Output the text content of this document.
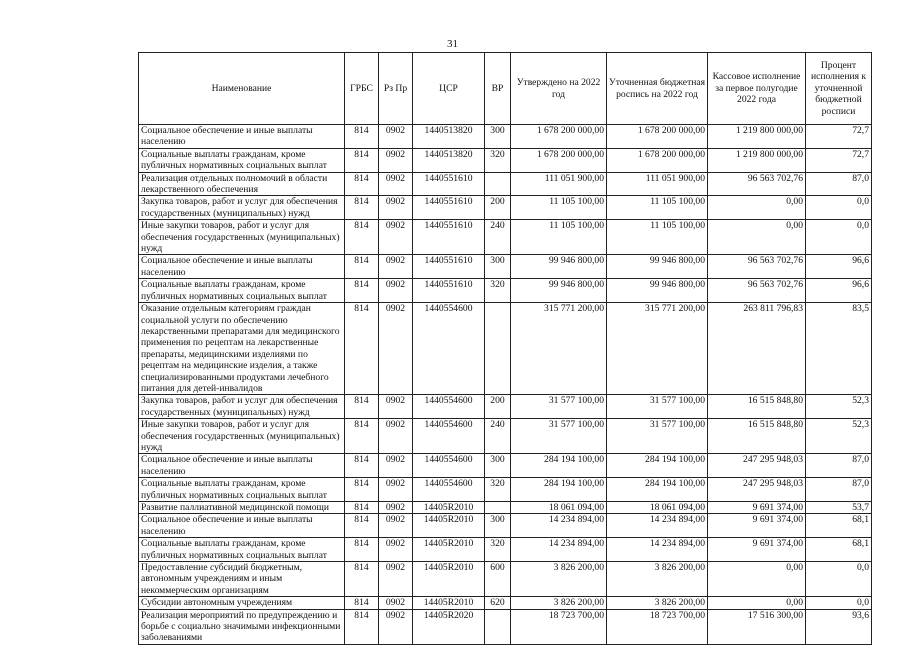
31
Наименование	ГРБС	Рз Пр	ЦСР	ВР	Утверждено на 2022 год	Уточненная бюджетная роспись на 2022 год	Кассовое исполнение за первое полугодие 2022 года	Процент исполнения к уточненной бюджетной росписи
Социальное обеспечение и иные выплаты населению	814	0902	1440513820	300	1 678 200 000,00	1 678 200 000,00	1 219 800 000,00	72,7
Социальные выплаты гражданам, кроме публичных нормативных социальных выплат	814	0902	1440513820	320	1 678 200 000,00	1 678 200 000,00	1 219 800 000,00	72,7
Реализация отдельных полномочий в области лекарственного обеспечения	814	0902	1440551610		111 051 900,00	111 051 900,00	96 563 702,76	87,0
Закупка товаров, работ и услуг для обеспечения государственных (муниципальных) нужд	814	0902	1440551610	200	11 105 100,00	11 105 100,00	0,00	0,0
Иные закупки товаров, работ и услуг для обеспечения государственных (муниципальных) нужд	814	0902	1440551610	240	11 105 100,00	11 105 100,00	0,00	0,0
Социальное обеспечение и иные выплаты населению	814	0902	1440551610	300	99 946 800,00	99 946 800,00	96 563 702,76	96,6
Социальные выплаты гражданам, кроме публичных нормативных социальных выплат	814	0902	1440551610	320	99 946 800,00	99 946 800,00	96 563 702,76	96,6
Оказание отдельным категориям граждан социальной услуги по обеспечению лекарственными препаратами для медицинского применения по рецептам на лекарственные препараты, медицинскими изделиями по рецептам на медицинские изделия, а также специализированными продуктами лечебного питания для детей-инвалидов	814	0902	1440554600		315 771 200,00	315 771 200,00	263 811 796,83	83,5
Закупка товаров, работ и услуг для обеспечения государственных (муниципальных) нужд	814	0902	1440554600	200	31 577 100,00	31 577 100,00	16 515 848,80	52,3
Иные закупки товаров, работ и услуг для обеспечения государственных (муниципальных) нужд	814	0902	1440554600	240	31 577 100,00	31 577 100,00	16 515 848,80	52,3
Социальное обеспечение и иные выплаты населению	814	0902	1440554600	300	284 194 100,00	284 194 100,00	247 295 948,03	87,0
Социальные выплаты гражданам, кроме публичных нормативных социальных выплат	814	0902	1440554600	320	284 194 100,00	284 194 100,00	247 295 948,03	87,0
Развитие паллиативной медицинской помощи	814	0902	14405R2010		18 061 094,00	18 061 094,00	9 691 374,00	53,7
Социальное обеспечение и иные выплаты населению	814	0902	14405R2010	300	14 234 894,00	14 234 894,00	9 691 374,00	68,1
Социальные выплаты гражданам, кроме публичных нормативных социальных выплат	814	0902	14405R2010	320	14 234 894,00	14 234 894,00	9 691 374,00	68,1
Предоставление субсидий бюджетным, автономным учреждениям и иным некоммерческим организациям	814	0902	14405R2010	600	3 826 200,00	3 826 200,00	0,00	0,0
Субсидии автономным учреждениям	814	0902	14405R2010	620	3 826 200,00	3 826 200,00	0,00	0,0
Реализация мероприятий по предупреждению и борьбе с социально значимыми инфекционными заболеваниями	814	0902	14405R2020		18 723 700,00	18 723 700,00	17 516 300,00	93,6
